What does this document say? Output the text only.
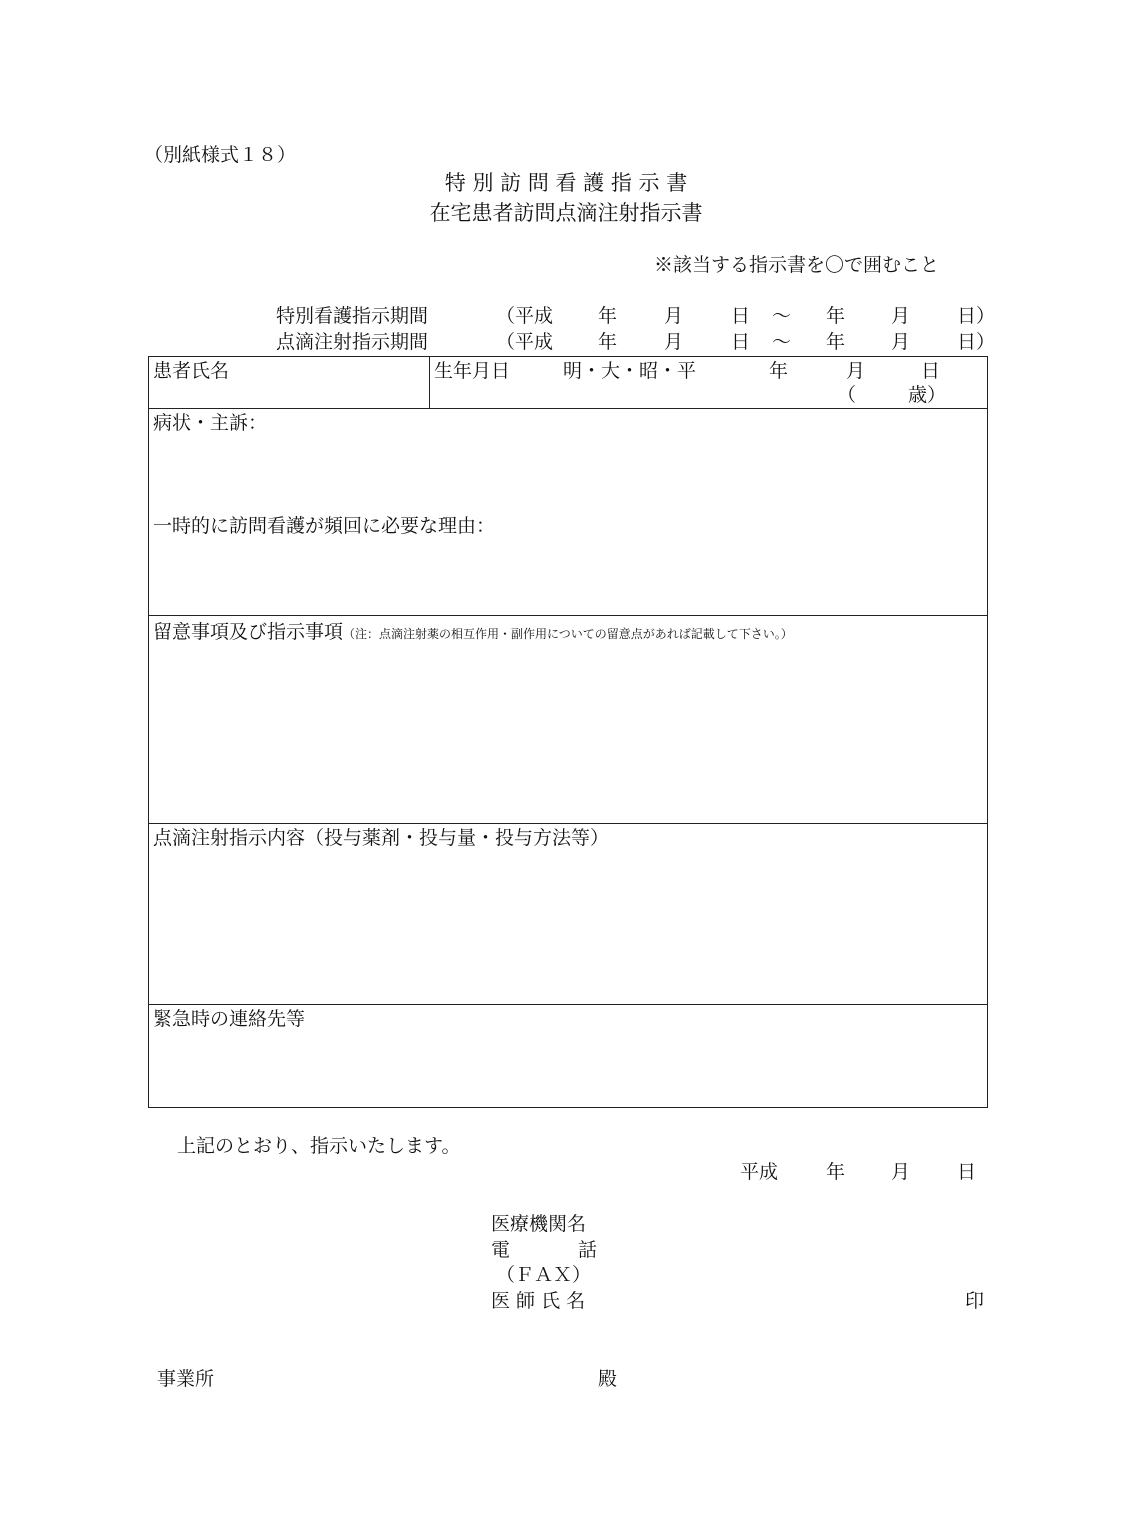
（別紙様式１８）
特 別 訪 問 看 護 指 示 書
在宅患者訪問点滴注射指示書
※該当する指示書を〇で囲むこと
特別看護指示期間	（平成 年 月	日 ～ 年 月 日）
点滴注射指示期間	（平成 年 月	日 ～ 年 月 日）
患者氏名	生年月日	明・大・昭・平	年	月	日
（	歳）
病状・主訴：
一時的に訪問看護が頻回に必要な理由：
留意事項及び指示事項（注：点滴注射薬の相互作用・副作用についての留意点があれば記載して下さい。）
点滴注射指示内容（投与薬剤・投与量・投与方法等）
緊急時の連絡先等
上記のとおり、指示いたします。
平成	年 月 日
医療機関名
電	話
（ＦＡＸ）
医 師 氏 名	印
事業所	殿
